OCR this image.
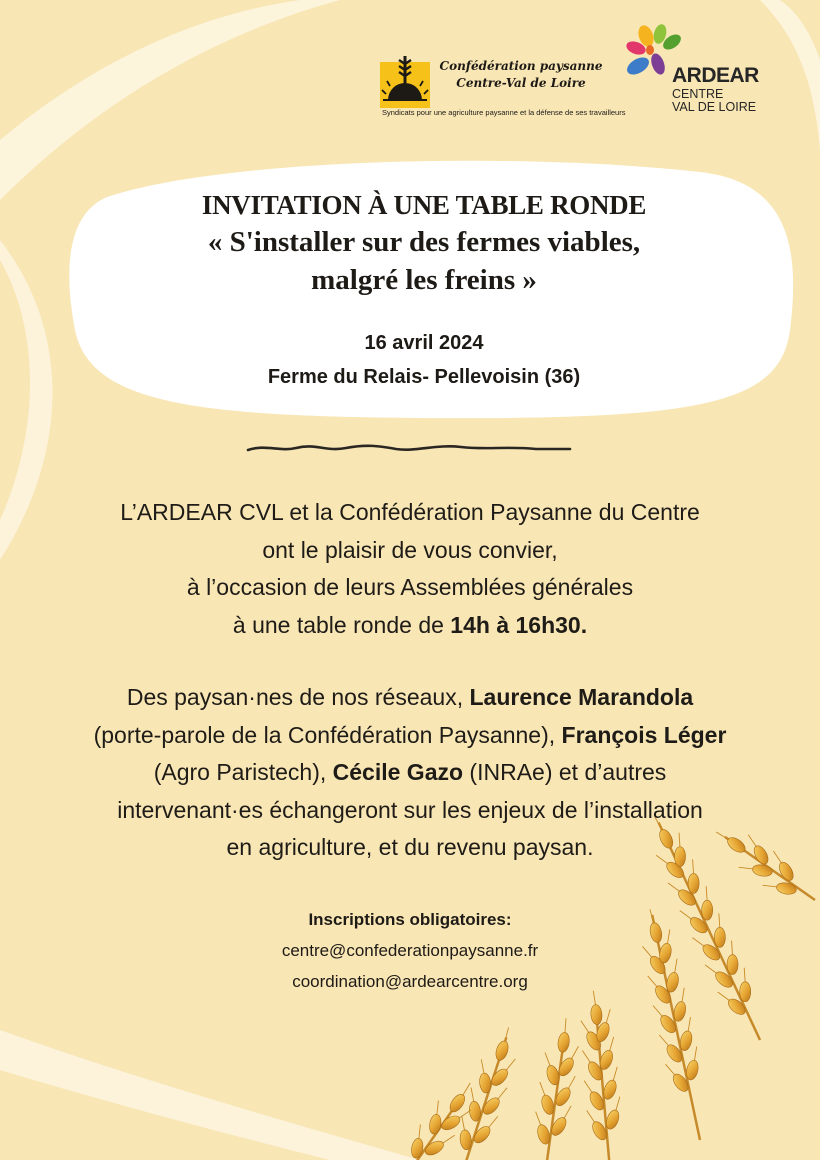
Confédération paysanne
Centre-Val de Loire
Syndicats pour une agriculture paysanne et la défense de ses travailleurs
ARDEAR
CENTRE
VAL DE LOIRE
INVITATION À UNE TABLE RONDE
« S'installer sur des fermes viables,
malgré les freins »
16 avril 2024
Ferme du Relais- Pellevoisin (36)
L’ARDEAR CVL et la Confédération Paysanne du Centre
ont le plaisir de vous convier,
à l’occasion de leurs Assemblées générales
à une table ronde de 14h à 16h30.
Des paysan·nes de nos réseaux, Laurence Marandola
(porte-parole de la Confédération Paysanne), François Léger
(Agro Paristech), Cécile Gazo (INRAe) et d’autres
intervenant·es échangeront sur les enjeux de l’installation
en agriculture, et du revenu paysan.
Inscriptions obligatoires:
centre@confederationpaysanne.fr
coordination@ardearcentre.org
